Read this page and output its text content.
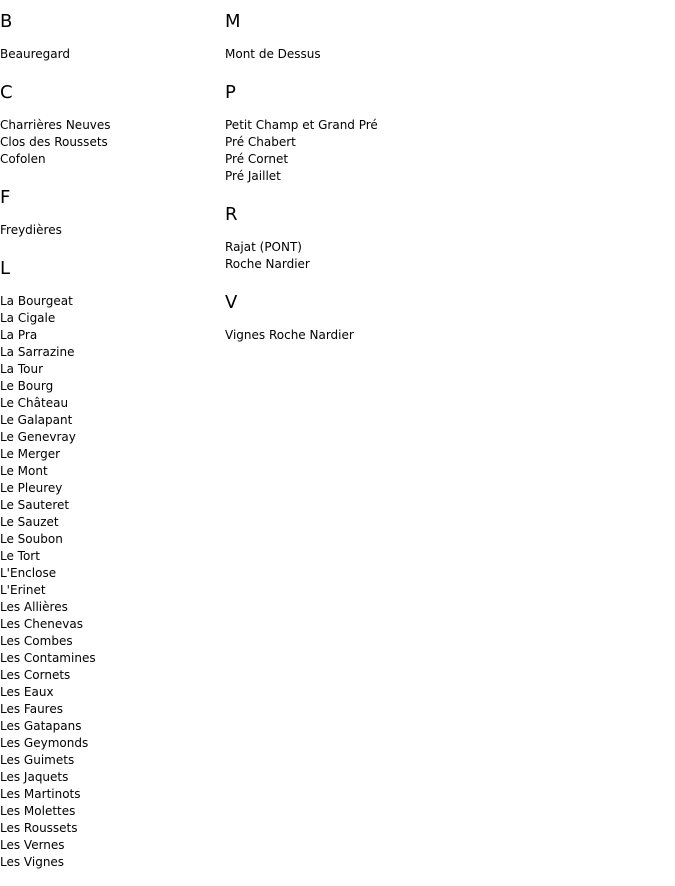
B
Beauregard
C
Charrières Neuves
Clos des Roussets
Cofolen
F
Freydières
L
La Bourgeat
La Cigale
La Pra
La Sarrazine
La Tour
Le Bourg
Le Château
Le Galapant
Le Genevray
Le Merger
Le Mont
Le Pleurey
Le Sauteret
Le Sauzet
Le Soubon
Le Tort
L'Enclose
L'Erinet
Les Allières
Les Chenevas
Les Combes
Les Contamines
Les Cornets
Les Eaux
Les Faures
Les Gatapans
Les Geymonds
Les Guimets
Les Jaquets
Les Martinots
Les Molettes
Les Roussets
Les Vernes
Les Vignes
M
Mont de Dessus
P
Petit Champ et Grand Pré
Pré Chabert
Pré Cornet
Pré Jaillet
R
Rajat (PONT)
Roche Nardier
V
Vignes Roche Nardier
